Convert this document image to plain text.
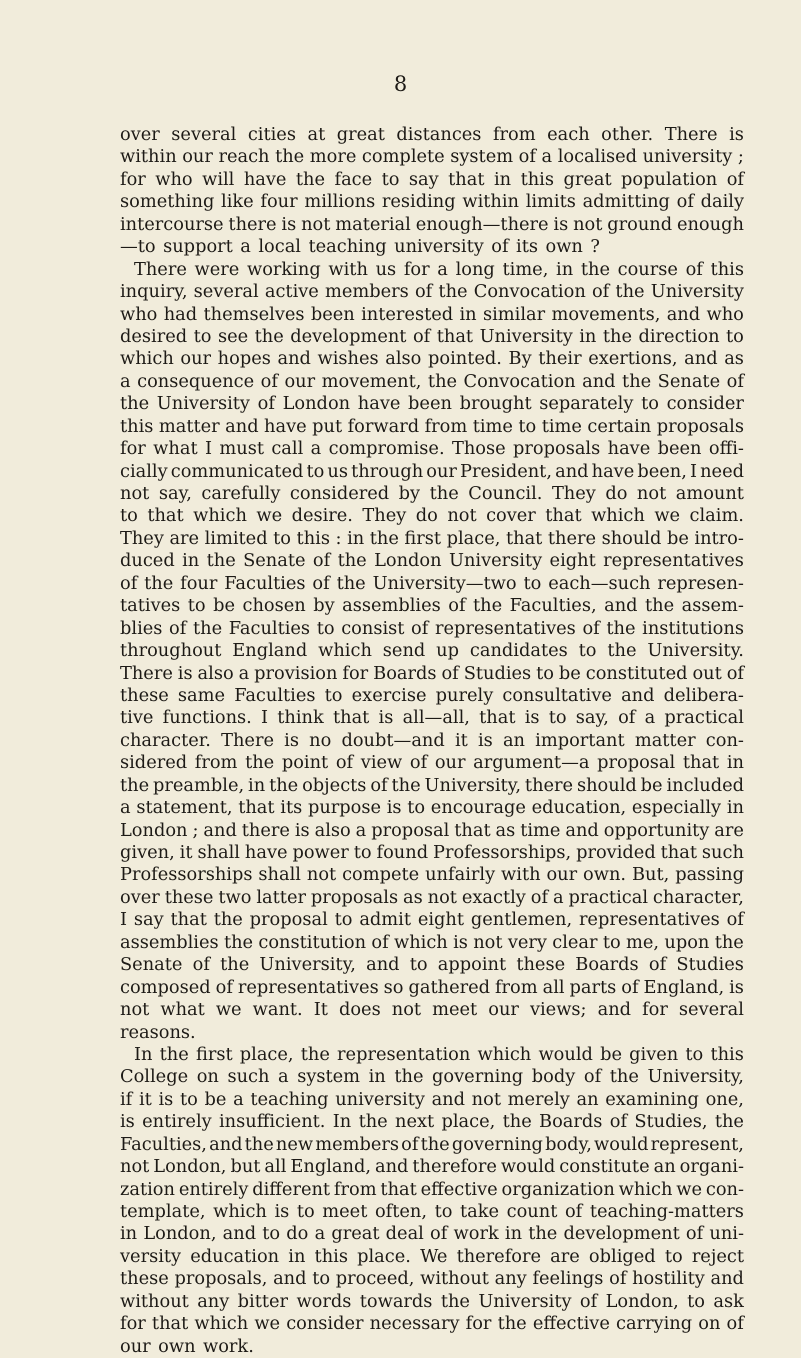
8
over several cities at great distances from each other. There is
within our reach the more complete system of a localised university ;
for who will have the face to say that in this great population of
something like four millions residing within limits admitting of daily
intercourse there is not material enough—there is not ground enough
—to support a local teaching university of its own ?
There were working with us for a long time, in the course of this
inquiry, several active members of the Convocation of the University
who had themselves been interested in similar movements, and who
desired to see the development of that University in the direction to
which our hopes and wishes also pointed. By their exertions, and as
a consequence of our movement, the Convocation and the Senate of
the University of London have been brought separately to consider
this matter and have put forward from time to time certain proposals
for what I must call a compromise. Those proposals have been offi-
cially communicated to us through our President, and have been, I need
not say, carefully considered by the Council. They do not amount
to that which we desire. They do not cover that which we claim.
They are limited to this : in the first place, that there should be intro-
duced in the Senate of the London University eight representatives
of the four Faculties of the University—two to each—such represen-
tatives to be chosen by assemblies of the Faculties, and the assem-
blies of the Faculties to consist of representatives of the institutions
throughout England which send up candidates to the University.
There is also a provision for Boards of Studies to be constituted out of
these same Faculties to exercise purely consultative and delibera-
tive functions. I think that is all—all, that is to say, of a practical
character. There is no doubt—and it is an important matter con-
sidered from the point of view of our argument—a proposal that in
the preamble, in the objects of the University, there should be included
a statement, that its purpose is to encourage education, especially in
London ; and there is also a proposal that as time and opportunity are
given, it shall have power to found Professorships, provided that such
Professorships shall not compete unfairly with our own. But, passing
over these two latter proposals as not exactly of a practical character,
I say that the proposal to admit eight gentlemen, representatives of
assemblies the constitution of which is not very clear to me, upon the
Senate of the University, and to appoint these Boards of Studies
composed of representatives so gathered from all parts of England, is
not what we want. It does not meet our views; and for several
reasons.
In the first place, the representation which would be given to this
College on such a system in the governing body of the University,
if it is to be a teaching university and not merely an examining one,
is entirely insufficient. In the next place, the Boards of Studies, the
Faculties, and the new members of the governing body, would represent,
not London, but all England, and therefore would constitute an organi-
zation entirely different from that effective organization which we con-
template, which is to meet often, to take count of teaching-matters
in London, and to do a great deal of work in the development of uni-
versity education in this place. We therefore are obliged to reject
these proposals, and to proceed, without any feelings of hostility and
without any bitter words towards the University of London, to ask
for that which we consider necessary for the effective carrying on of
our own work.
